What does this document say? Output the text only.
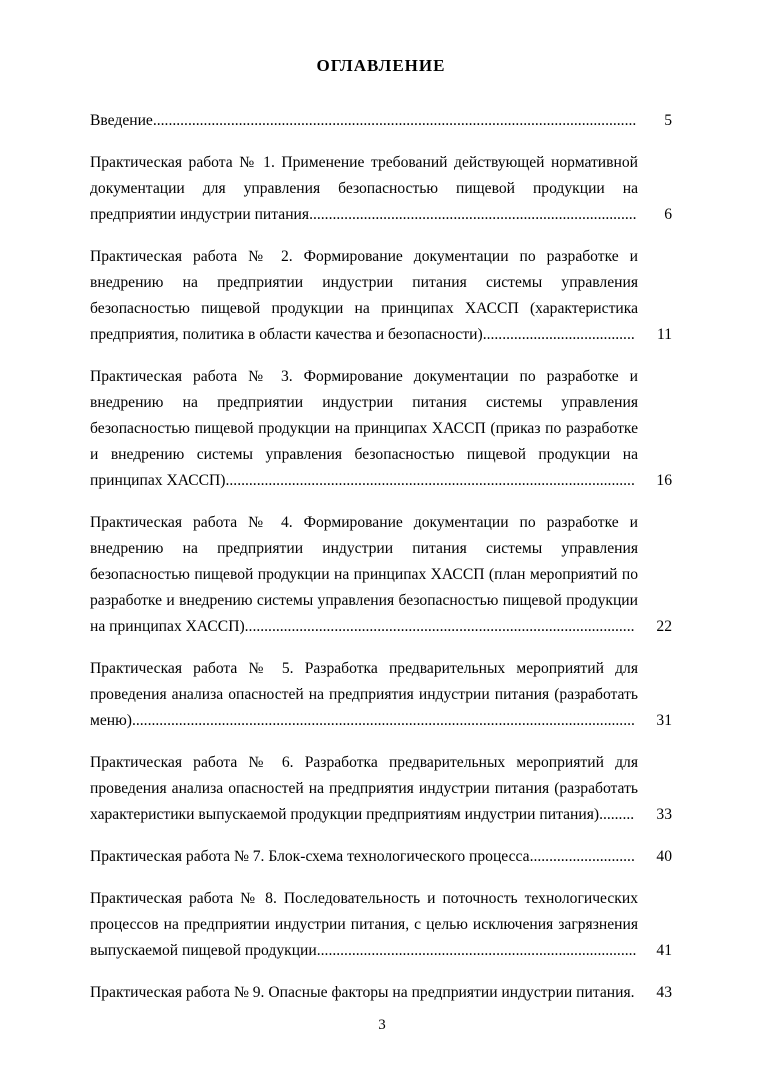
ОГЛАВЛЕНИЕ
Введение............................................................................................................................ 5
Практическая работа № 1. Применение требований действующей нормативной документации для управления безопасностью пищевой продукции на предприятии индустрии питания.................................................................................... 6
Практическая работа № 2. Формирование документации по разработке и внедрению на предприятии индустрии питания системы управления безопасностью пищевой продукции на принципах ХАССП (характеристика предприятия, политика в области качества и безопасности)....................................... 11
Практическая работа № 3. Формирование документации по разработке и внедрению на предприятии индустрии питания системы управления безопасностью пищевой продукции на принципах ХАССП (приказ по разработке и внедрению системы управления безопасностью пищевой продукции на принципах ХАССП)......................................................................................................... 16
Практическая работа № 4. Формирование документации по разработке и внедрению на предприятии индустрии питания системы управления безопасностью пищевой продукции на принципах ХАССП (план мероприятий по разработке и внедрению системы управления безопасностью пищевой продукции на принципах ХАССП).................................................................................................... 22
Практическая работа № 5. Разработка предварительных мероприятий для проведения анализа опасностей на предприятия индустрии питания (разработать меню)................................................................................................................................. 31
Практическая работа № 6. Разработка предварительных мероприятий для проведения анализа опасностей на предприятия индустрии питания (разработать характеристики выпускаемой продукции предприятиям индустрии питания)......... 33
Практическая работа № 7. Блок-схема технологического процесса........................... 40
Практическая работа № 8. Последовательность и поточность технологических процессов на предприятии индустрии питания, с целью исключения загрязнения выпускаемой пищевой продукции.................................................................................. 41
Практическая работа № 9. Опасные факторы на предприятии индустрии питания. 43
3
